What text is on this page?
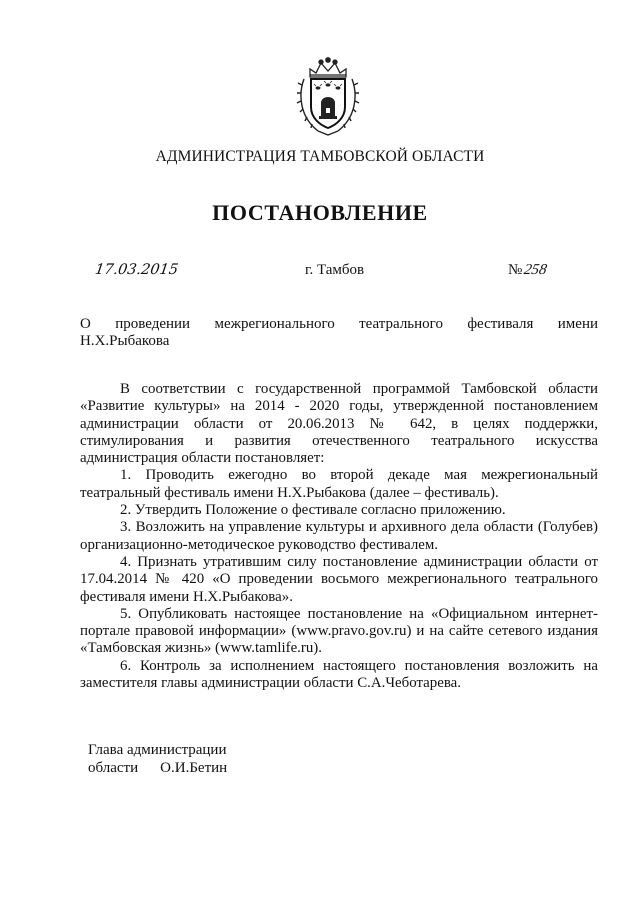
АДМИНИСТРАЦИЯ ТАМБОВСКОЙ ОБЛАСТИ
ПОСТАНОВЛЕНИЕ
17.03.2015	г. Тамбов	№258
О проведении межрегионального театрального фестиваля имени
Н.Х.Рыбакова

В соответствии с государственной программой Тамбовской области «Развитие культуры» на 2014 - 2020 годы, утвержденной постановлением администрации области от 20.06.2013 № 642, в целях поддержки, стимулирования и развития отечественного театрального искусства администрация области постановляет:

1. Проводить ежегодно во второй декаде мая межрегиональный театральный фестиваль имени Н.Х.Рыбакова (далее – фестиваль).

2. Утвердить Положение о фестивале согласно приложению.

3. Возложить на управление культуры и архивного дела области (Голубев) организационно-методическое руководство фестивалем.

4. Признать утратившим силу постановление администрации области от 17.04.2014 № 420 «О проведении восьмого межрегионального театрального фестиваля имени Н.Х.Рыбакова».

5. Опубликовать настоящее постановление на «Официальном интернет-портале правовой информации» (www.pravo.gov.ru) и на сайте сетевого издания «Тамбовская жизнь» (www.tamlife.ru).

6. Контроль за исполнением настоящего постановления возложить на заместителя главы администрации области С.А.Чеботарева.

Глава администрации
области О.И.Бетин
